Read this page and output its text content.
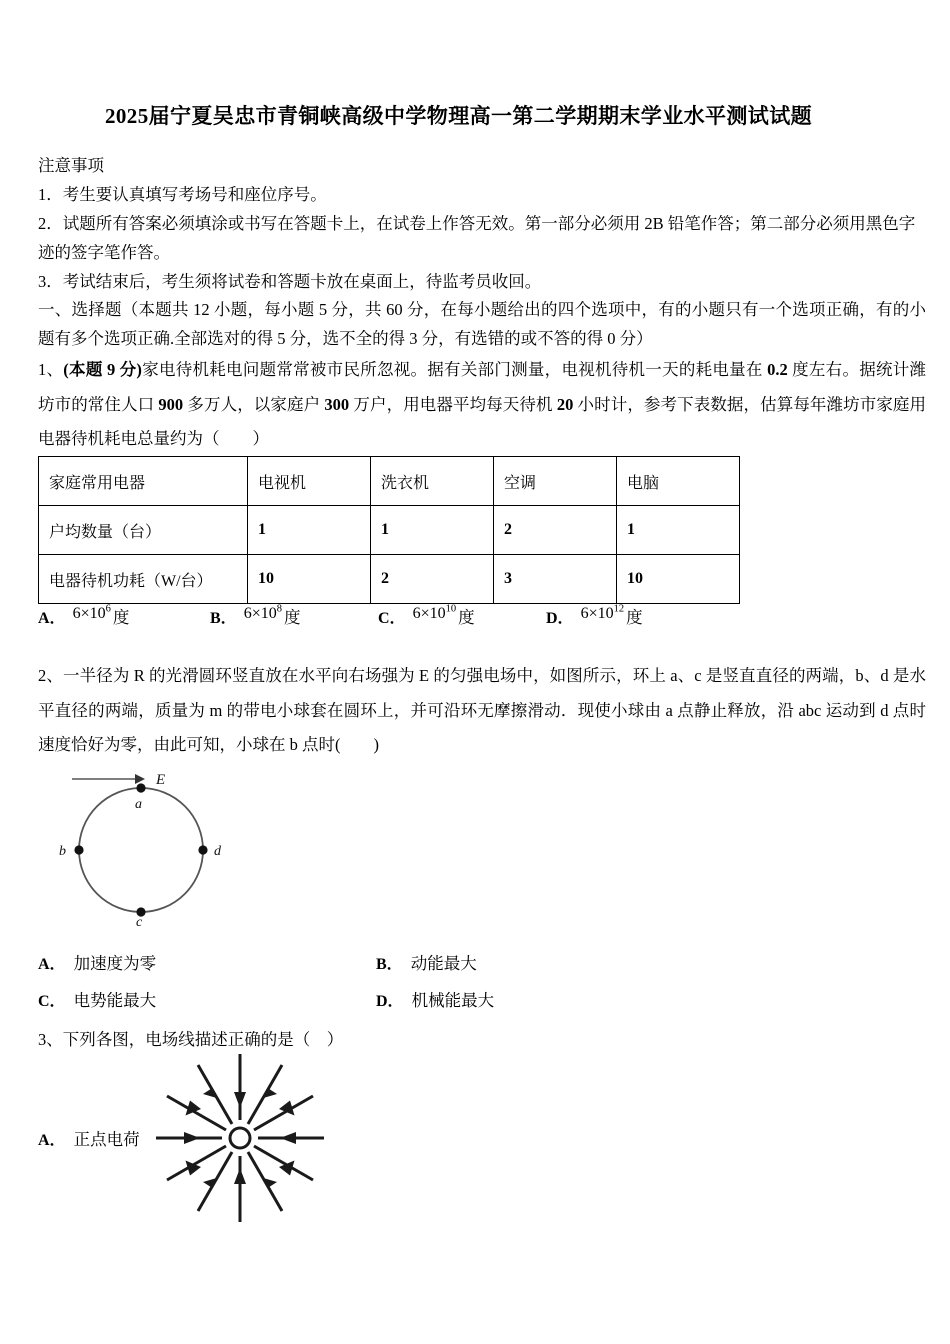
2025届宁夏吴忠市青铜峡高级中学物理高一第二学期期末学业水平测试试题
注意事项
1．考生要认真填写考场号和座位序号。
2．试题所有答案必须填涂或书写在答题卡上，在试卷上作答无效。第一部分必须用 2B 铅笔作答；第二部分必须用黑色字迹的签字笔作答。
3．考试结束后，考生须将试卷和答题卡放在桌面上，待监考员收回。
一、选择题（本题共 12 小题，每小题 5 分，共 60 分，在每小题给出的四个选项中，有的小题只有一个选项正确，有的小题有多个选项正确.全部选对的得 5 分，选不全的得 3 分，有选错的或不答的得 0 分）
1、(本题 9 分)家电待机耗电问题常常被市民所忽视。据有关部门测量，电视机待机一天的耗电量在 0.2 度左右。据统计潍坊市的常住人口 900 多万人，以家庭户 300 万户，用电器平均每天待机 20 小时计，参考下表数据，估算每年潍坊市家庭用电器待机耗电总量约为（　　）
家庭常用电器	电视机	洗衣机	空调	电脑
户均数量（台）	1	1	2	1
电器待机功耗（W/台）	10	2	3	10
A． $6\times 10^6$ 度	B． $6\times 10^8$ 度	C． $6\times 10^{10}$ 度	D． $6\times 10^{12}$ 度
2、一半径为 R 的光滑圆环竖直放在水平向右场强为 E 的匀强电场中，如图所示，环上 a、c 是竖直直径的两端，b、d 是水平直径的两端，质量为 m 的带电小球套在圆环上，并可沿环无摩擦滑动．现使小球由 a 点静止释放，沿 abc 运动到 d 点时速度恰好为零，由此可知，小球在 b 点时(　　)
E
a
b
c
d
A． 加速度为零	B． 动能最大
C． 电势能最大	D． 机械能最大
3、下列各图，电场线描述正确的是（　）
A． 正点电荷
